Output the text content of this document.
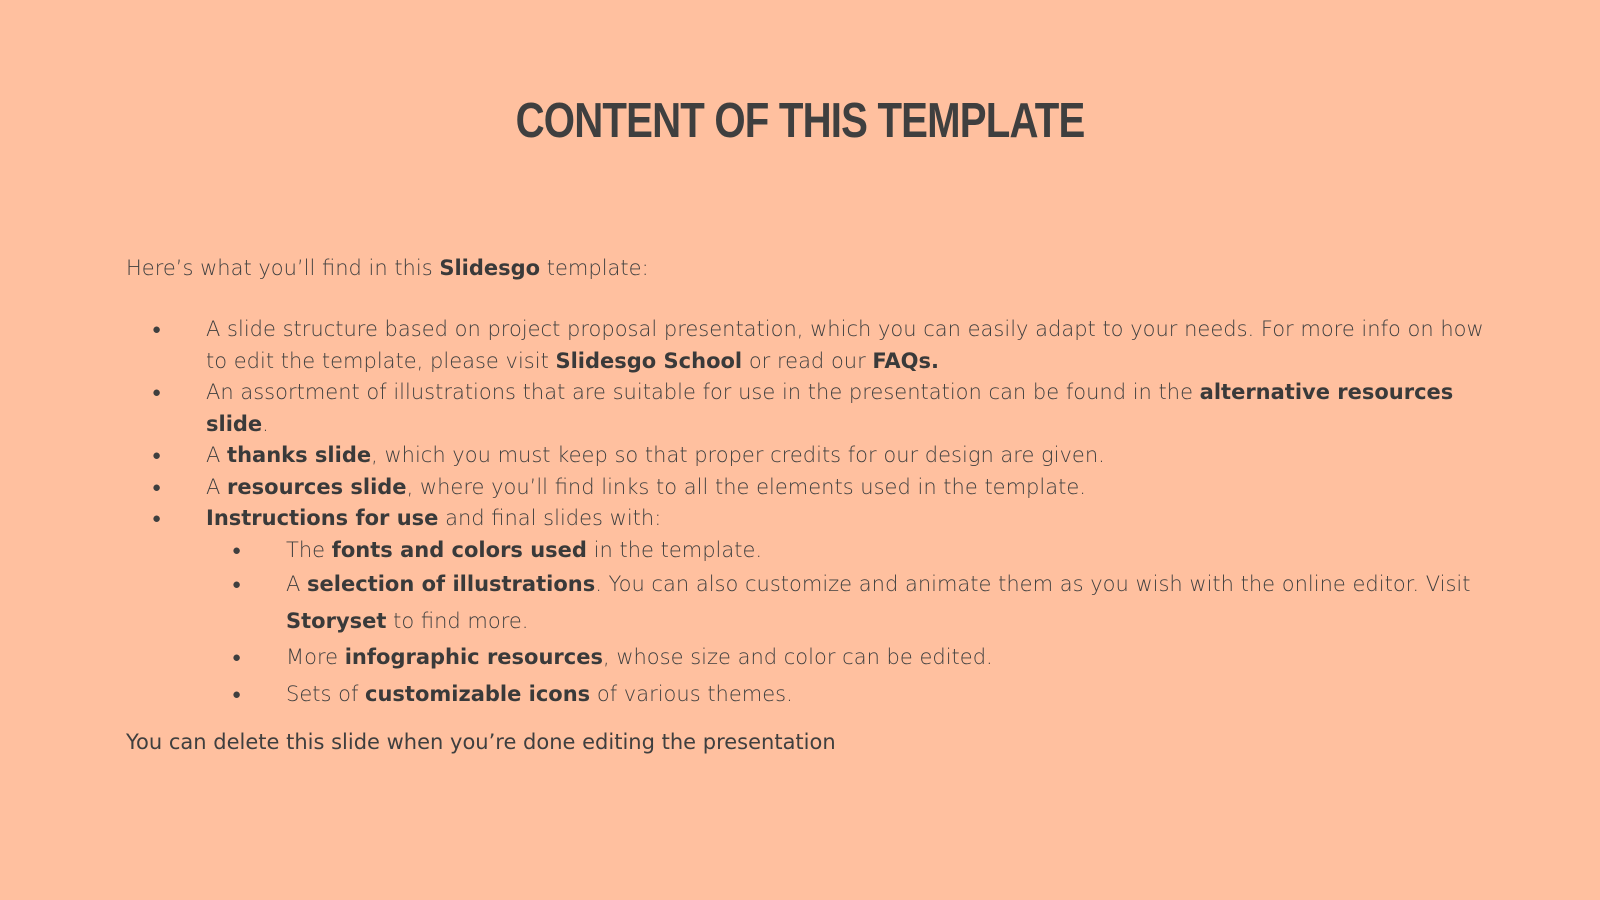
CONTENT OF THIS TEMPLATE

Here’s what you’ll find in this Slidesgo template:

● A slide structure based on project proposal presentation, which you can easily adapt to your needs. For more info on how to edit the template, please visit Slidesgo School or read our FAQs.
● An assortment of illustrations that are suitable for use in the presentation can be found in the alternative resources slide.
● A thanks slide, which you must keep so that proper credits for our design are given.
● A resources slide, where you’ll find links to all the elements used in the template.
● Instructions for use and final slides with:
● The fonts and colors used in the template.
● A selection of illustrations. You can also customize and animate them as you wish with the online editor. Visit Storyset to find more.
● More infographic resources, whose size and color can be edited.
● Sets of customizable icons of various themes.

You can delete this slide when you’re done editing the presentation
